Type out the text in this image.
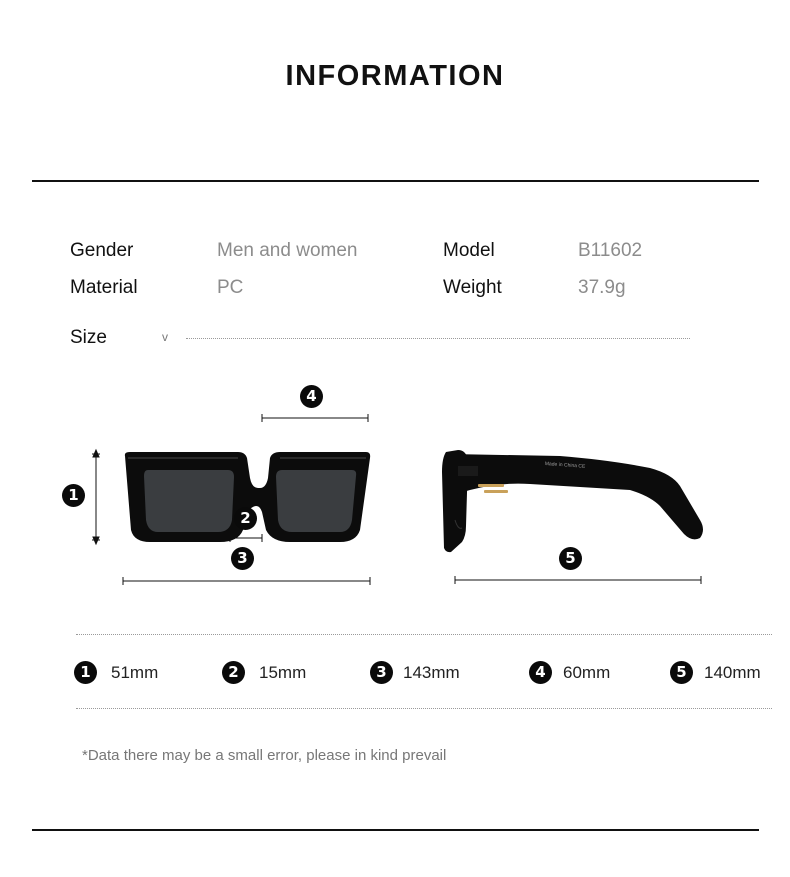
INFORMATION
Gender	Men and women	Model	B11602
Material	PC	Weight	37.9g
Size	v
Made in China CE
1
4
2
3	5
1	51mm	2	15mm	3 143mm	4	60mm	5	140mm
*Data there may be a small error, please in kind prevail
